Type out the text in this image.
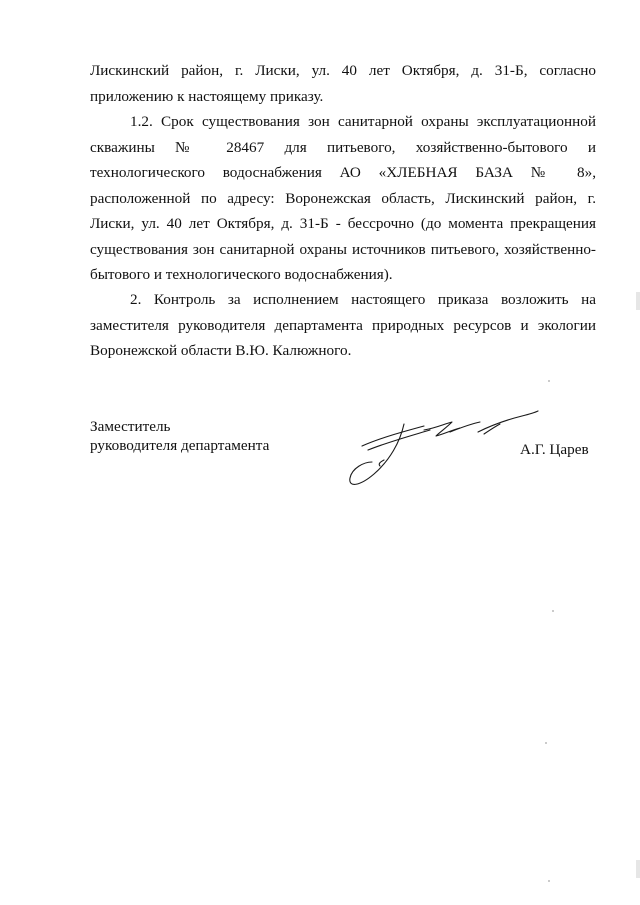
Лискинский район, г. Лиски, ул. 40 лет Октября, д. 31-Б, согласно приложению к настоящему приказу.

1.2. Срок существования зон санитарной охраны эксплуатационной скважины № 28467 для питьевого, хозяйственно-бытового и технологического водоснабжения АО «ХЛЕБНАЯ БАЗА № 8», расположенной по адресу: Воронежская область, Лискинский район, г. Лиски, ул. 40 лет Октября, д. 31-Б - бессрочно (до момента прекращения существования зон санитарной охраны источников питьевого, хозяйственно-бытового и технологического водоснабжения).

2. Контроль за исполнением настоящего приказа возложить на заместителя руководителя департамента природных ресурсов и экологии Воронежской области В.Ю. Калюжного.

Заместитель
руководителя департамента	А.Г. Царев
